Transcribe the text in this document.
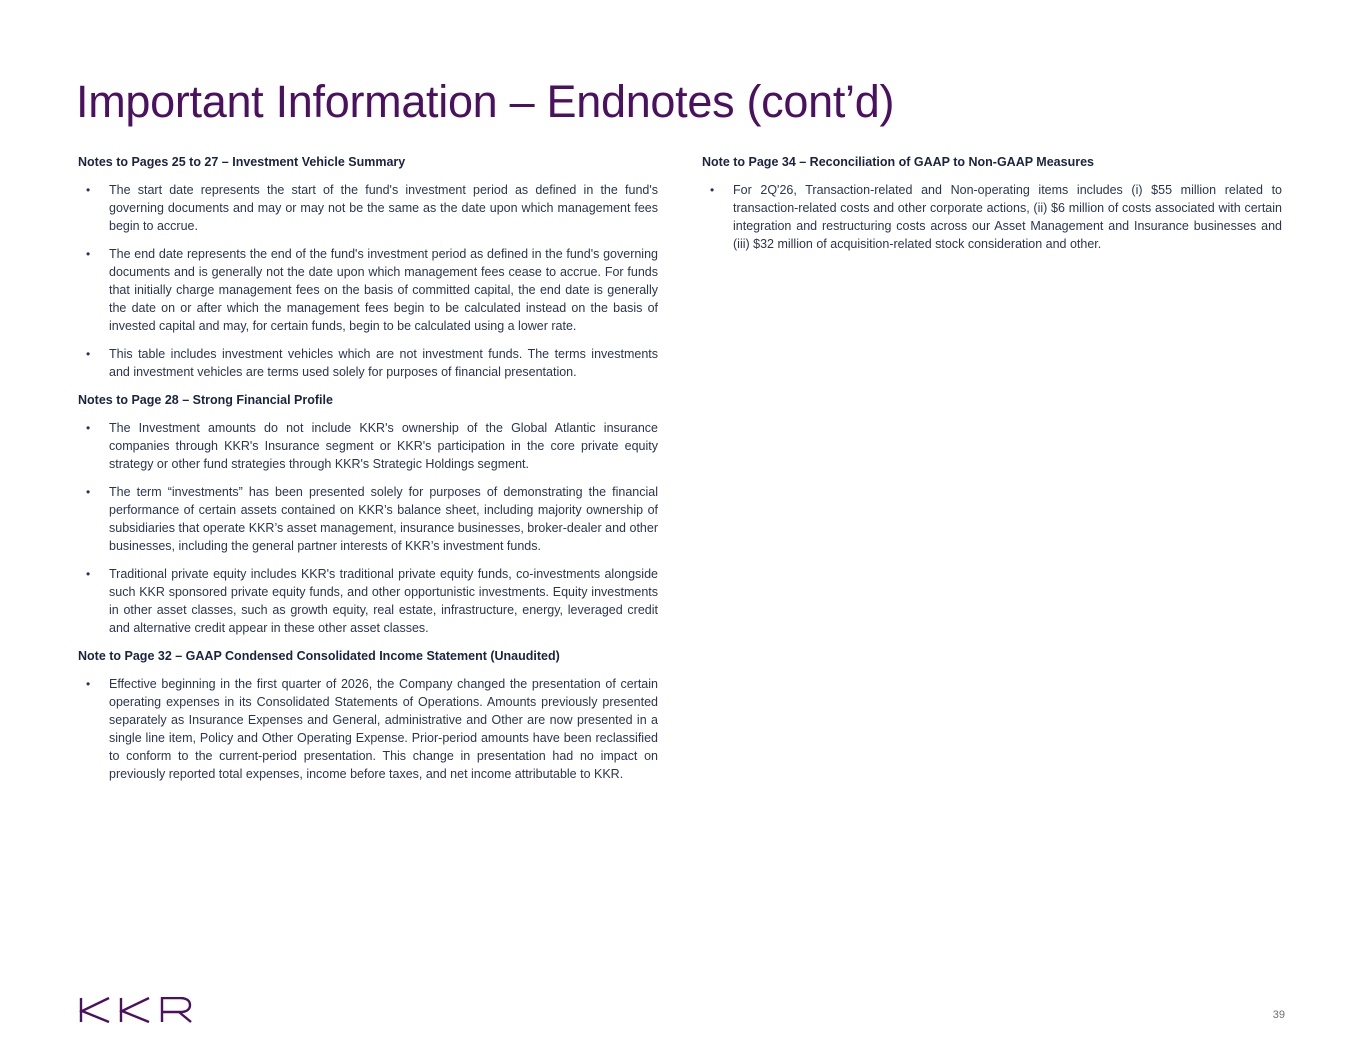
Important Information – Endnotes (cont’d)

Notes to Pages 25 to 27 – Investment Vehicle Summary

• The start date represents the start of the fund's investment period as defined in the fund's governing documents and may or may not be the same as the date upon which management fees begin to accrue.
• The end date represents the end of the fund's investment period as defined in the fund's governing documents and is generally not the date upon which management fees cease to accrue. For funds that initially charge management fees on the basis of committed capital, the end date is generally the date on or after which the management fees begin to be calculated instead on the basis of invested capital and may, for certain funds, begin to be calculated using a lower rate.
• This table includes investment vehicles which are not investment funds. The terms investments and investment vehicles are terms used solely for purposes of financial presentation.

Notes to Page 28 – Strong Financial Profile

• The Investment amounts do not include KKR's ownership of the Global Atlantic insurance companies through KKR's Insurance segment or KKR's participation in the core private equity strategy or other fund strategies through KKR's Strategic Holdings segment.
• The term “investments” has been presented solely for purposes of demonstrating the financial performance of certain assets contained on KKR’s balance sheet, including majority ownership of subsidiaries that operate KKR’s asset management, insurance businesses, broker-dealer and other businesses, including the general partner interests of KKR’s investment funds.
• Traditional private equity includes KKR's traditional private equity funds, co-investments alongside such KKR sponsored private equity funds, and other opportunistic investments. Equity investments in other asset classes, such as growth equity, real estate, infrastructure, energy, leveraged credit and alternative credit appear in these other asset classes.

Note to Page 32 – GAAP Condensed Consolidated Income Statement (Unaudited)

• Effective beginning in the first quarter of 2026, the Company changed the presentation of certain operating expenses in its Consolidated Statements of Operations. Amounts previously presented separately as Insurance Expenses and General, administrative and Other are now presented in a single line item, Policy and Other Operating Expense. Prior-period amounts have been reclassified to conform to the current-period presentation. This change in presentation had no impact on previously reported total expenses, income before taxes, and net income attributable to KKR.

Note to Page 34 – Reconciliation of GAAP to Non-GAAP Measures

• For 2Q'26, Transaction-related and Non-operating items includes (i) $55 million related to transaction-related costs and other corporate actions, (ii) $6 million of costs associated with certain integration and restructuring costs across our Asset Management and Insurance businesses and (iii) $32 million of acquisition-related stock consideration and other.
39
